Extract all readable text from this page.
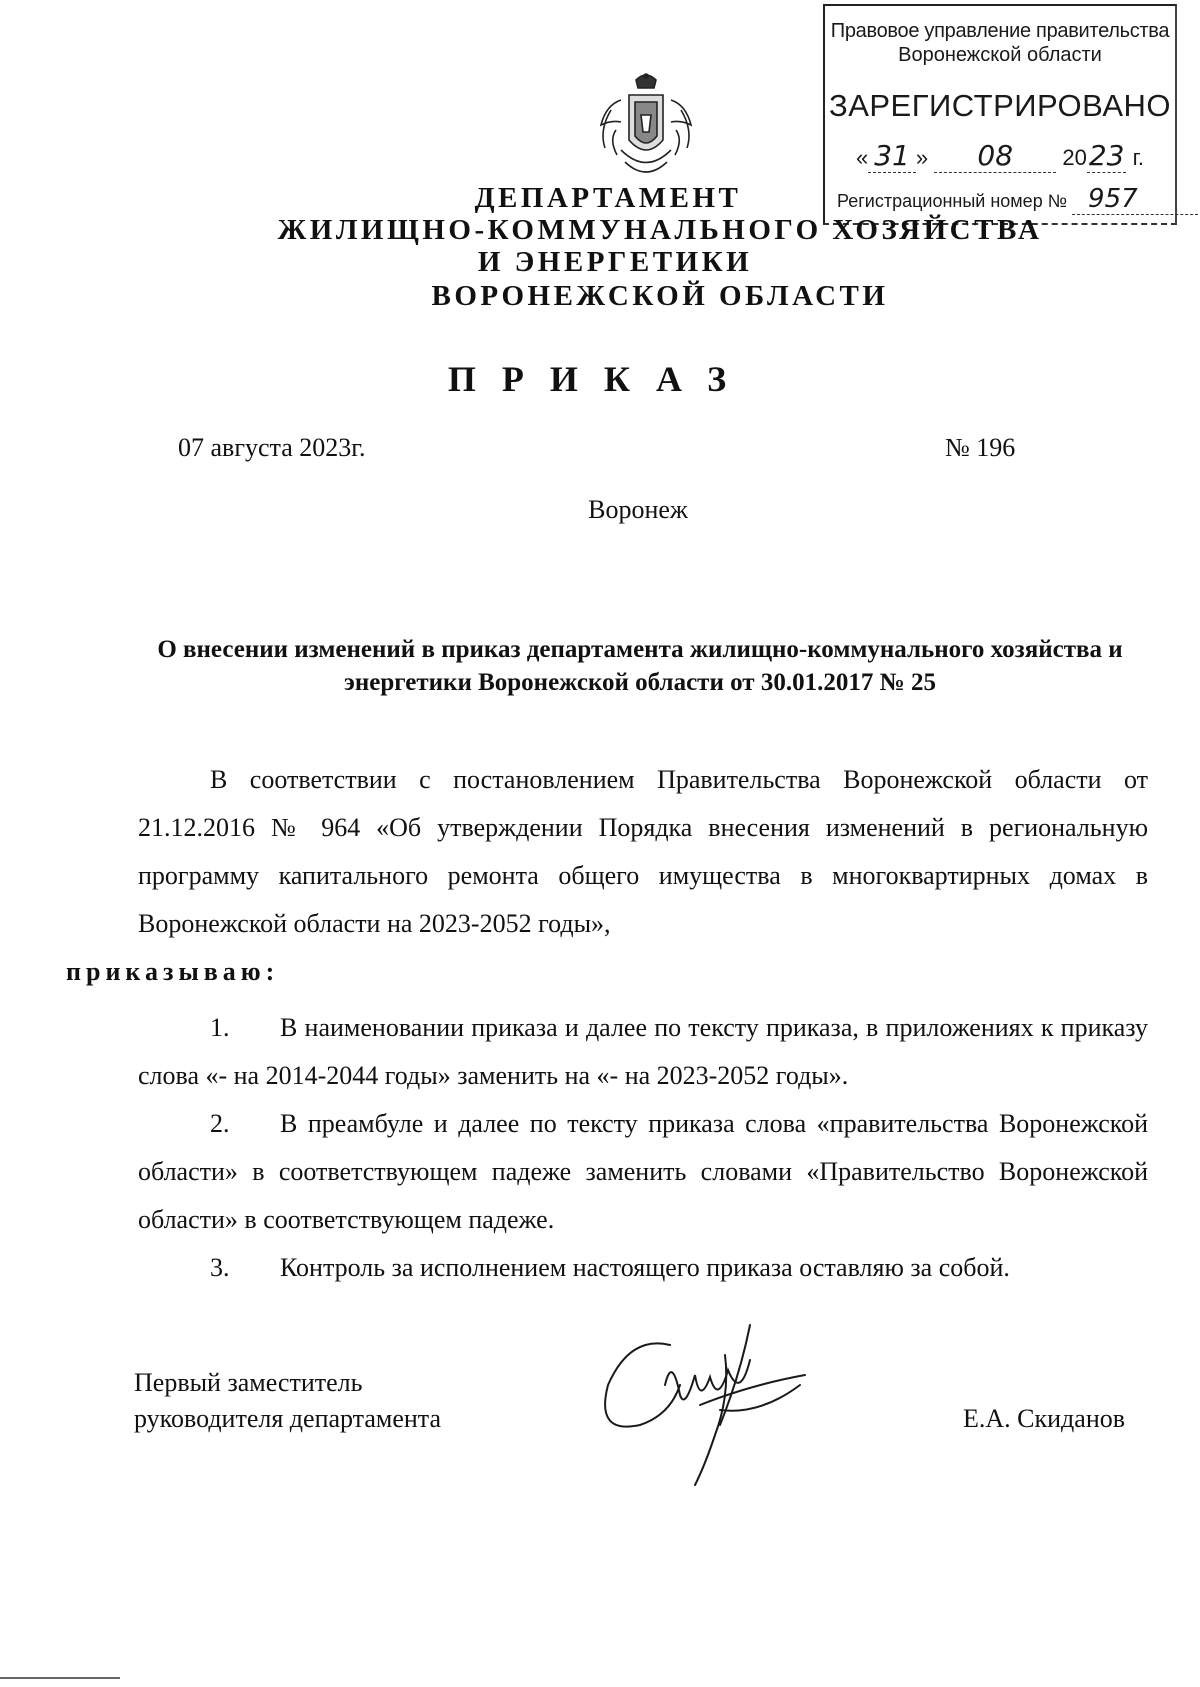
Правовое управление правительства
Воронежской области
ЗАРЕГИСТРИРОВАНО
« 31 » 08 2023 г.
Регистрационный номер № 957
ДЕПАРТАМЕНТ
ЖИЛИЩНО-КОММУНАЛЬНОГО ХОЗЯЙСТВА
И ЭНЕРГЕТИКИ
ВОРОНЕЖСКОЙ ОБЛАСТИ
ПРИКАЗ
07 августа 2023г.	№ 196
Воронеж
О внесении изменений в приказ департамента жилищно-коммунального хозяйства и энергетики Воронежской области от 30.01.2017 № 25
В соответствии с постановлением Правительства Воронежской области от 21.12.2016 № 964 «Об утверждении Порядка внесения изменений в региональную программу капитального ремонта общего имущества в многоквартирных домах в Воронежской области на 2023-2052 годы»,
приказываю:
1. В наименовании приказа и далее по тексту приказа, в приложениях к приказу слова «- на 2014-2044 годы» заменить на «- на 2023-2052 годы».
2. В преамбуле и далее по тексту приказа слова «правительства Воронежской области» в соответствующем падеже заменить словами «Правительство Воронежской области» в соответствующем падеже.
3. Контроль за исполнением настоящего приказа оставляю за собой.
Первый заместитель
руководителя департамента	Е.А. Скиданов
